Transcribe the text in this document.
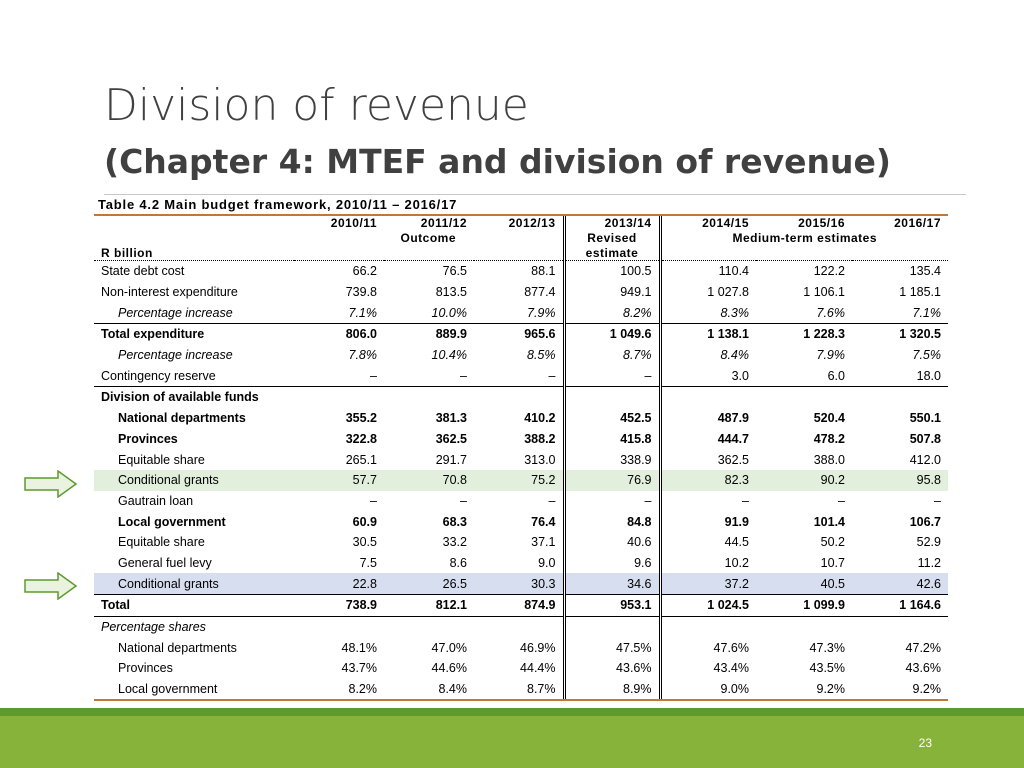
Division of revenue
(Chapter 4: MTEF and division of revenue)
Table 4.2 Main budget framework, 2010/11 – 2016/17
	2010/11	2011/12	2012/13	2013/14	2014/15	2015/16	2016/17
	Outcome			Revised	Medium-term estimates		
R billion				estimate			
State debt cost	66.2	76.5	88.1	100.5	110.4	122.2	135.4
Non-interest expenditure	739.8	813.5	877.4	949.1	1 027.8	1 106.1	1 185.1
Percentage increase	7.1%	10.0%	7.9%	8.2%	8.3%	7.6%	7.1%
Total expenditure	806.0	889.9	965.6	1 049.6	1 138.1	1 228.3	1 320.5
Percentage increase	7.8%	10.4%	8.5%	8.7%	8.4%	7.9%	7.5%
Contingency reserve	–	–	–	–	3.0	6.0	18.0
Division of available funds							
National departments	355.2	381.3	410.2	452.5	487.9	520.4	550.1
Provinces	322.8	362.5	388.2	415.8	444.7	478.2	507.8
Equitable share	265.1	291.7	313.0	338.9	362.5	388.0	412.0
Conditional grants	57.7	70.8	75.2	76.9	82.3	90.2	95.8
Gautrain loan	–	–	–	–	–	–	–
Local government	60.9	68.3	76.4	84.8	91.9	101.4	106.7
Equitable share	30.5	33.2	37.1	40.6	44.5	50.2	52.9
General fuel levy	7.5	8.6	9.0	9.6	10.2	10.7	11.2
Conditional grants	22.8	26.5	30.3	34.6	37.2	40.5	42.6
Total	738.9	812.1	874.9	953.1	1 024.5	1 099.9	1 164.6
Percentage shares							
National departments	48.1%	47.0%	46.9%	47.5%	47.6%	47.3%	47.2%
Provinces	43.7%	44.6%	44.4%	43.6%	43.4%	43.5%	43.6%
Local government	8.2%	8.4%	8.7%	8.9%	9.0%	9.2%	9.2%
23
